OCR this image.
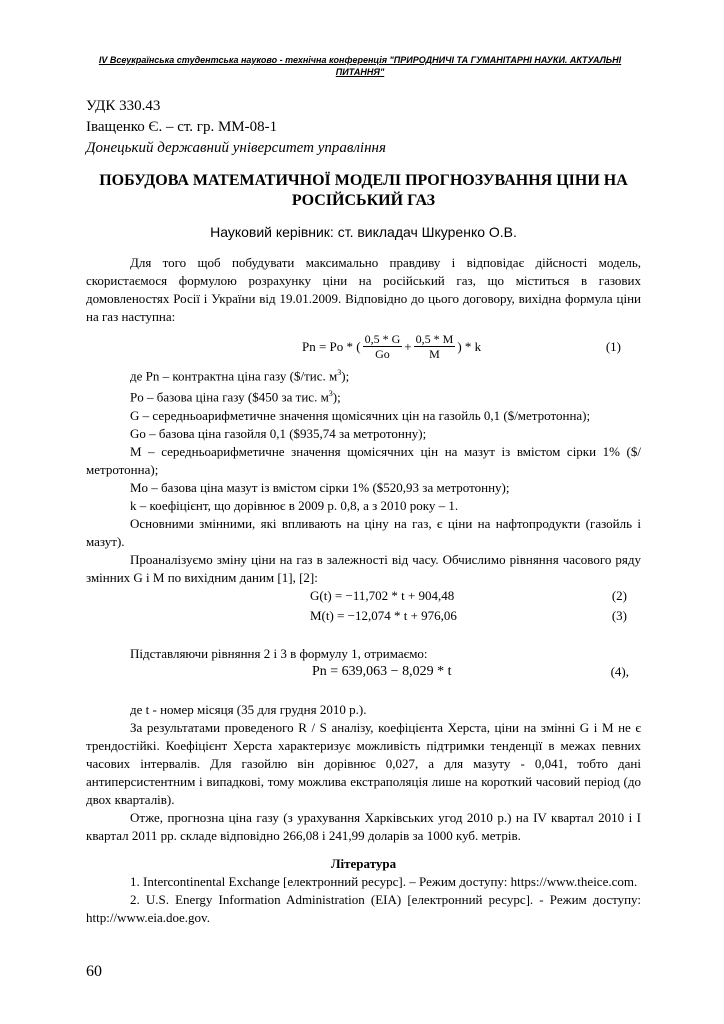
IV Всеукраїнська студентська науково - технічна конференція "ПРИРОДНИЧІ ТА ГУМАНІТАРНІ НАУКИ. АКТУАЛЬНІ ПИТАННЯ"
УДК 330.43
Іващенко Є. – ст. гр. ММ-08-1
Донецький державний університет управління
ПОБУДОВА МАТЕМАТИЧНОЇ МОДЕЛІ ПРОГНОЗУВАННЯ ЦІНИ НА РОСІЙСЬКИЙ ГАЗ
Науковий керівник: ст. викладач Шкуренко О.В.

Для того щоб побудувати максимально правдиву і відповідає дійсності модель, скористаємося формулою розрахунку ціни на російський газ, що міститься в газових домовленостях Росії і України від 19.01.2009. Відповідно до цього договору, вихідна формула ціни на газ наступна:

Pn = Po * ( $\frac{0,5 * G}{Go} + \frac{0,5 * M}{M}$ ) * k	(1)

де Pn – контрактна ціна газу ($/тис. $м^3$);

Po – базова ціна газу ($450 за тис. $м^3$);

G – середньоарифметичне значення щомісячних цін на газойль 0,1 ($/метротонна);

Go – базова ціна газойля 0,1 ($935,74 за метротонну);

M – середньоарифметичне значення щомісячних цін на мазут із вмістом сірки 1% ($/метротонна);

Mo – базова ціна мазут із вмістом сірки 1% ($520,93 за метротонну);

k – коефіцієнт, що дорівнює в 2009 р. 0,8, а з 2010 року – 1.

Основними змінними, які впливають на ціну на газ, є ціни на нафтопродукти (газойль і мазут).

Проаналізуємо зміну ціни на газ в залежності від часу. Обчислимо рівняння часового ряду змінних G і M по вихідним даним [1], [2]:

G(t) = −11,702 * t + 904,48	(2)
M(t) = −12,074 * t + 976,06	(3)

Підставляючи рівняння 2 і 3 в формулу 1, отримаємо:

Pn = 639,063 − 8,029 * t	(4),

де t - номер місяця (35 для грудня 2010 р.).

За результатами проведеного R / S аналізу, коефіцієнта Херста, ціни на змінні G і M не є трендостійкі. Коефіцієнт Херста характеризує можливість підтримки тенденції в межах певних часових інтервалів. Для газойлю він дорівнює 0,027, а для мазуту - 0,041, тобто дані антиперсистентним і випадкові, тому можлива екстраполяція лише на короткий часовий період (до двох кварталів).

Отже, прогнозна ціна газу (з урахування Харківських угод 2010 р.) на IV квартал 2010 і I квартал 2011 рр. складе відповідно 266,08 і 241,99 доларів за 1000 куб. метрів.

Література

1. Intercontinental Exchange [електронний ресурс]. – Режим доступу: https://www.theice.com.

2. U.S. Energy Information Administration (EIA) [електронний ресурс]. - Режим доступу: http://www.eia.doe.gov.

60
